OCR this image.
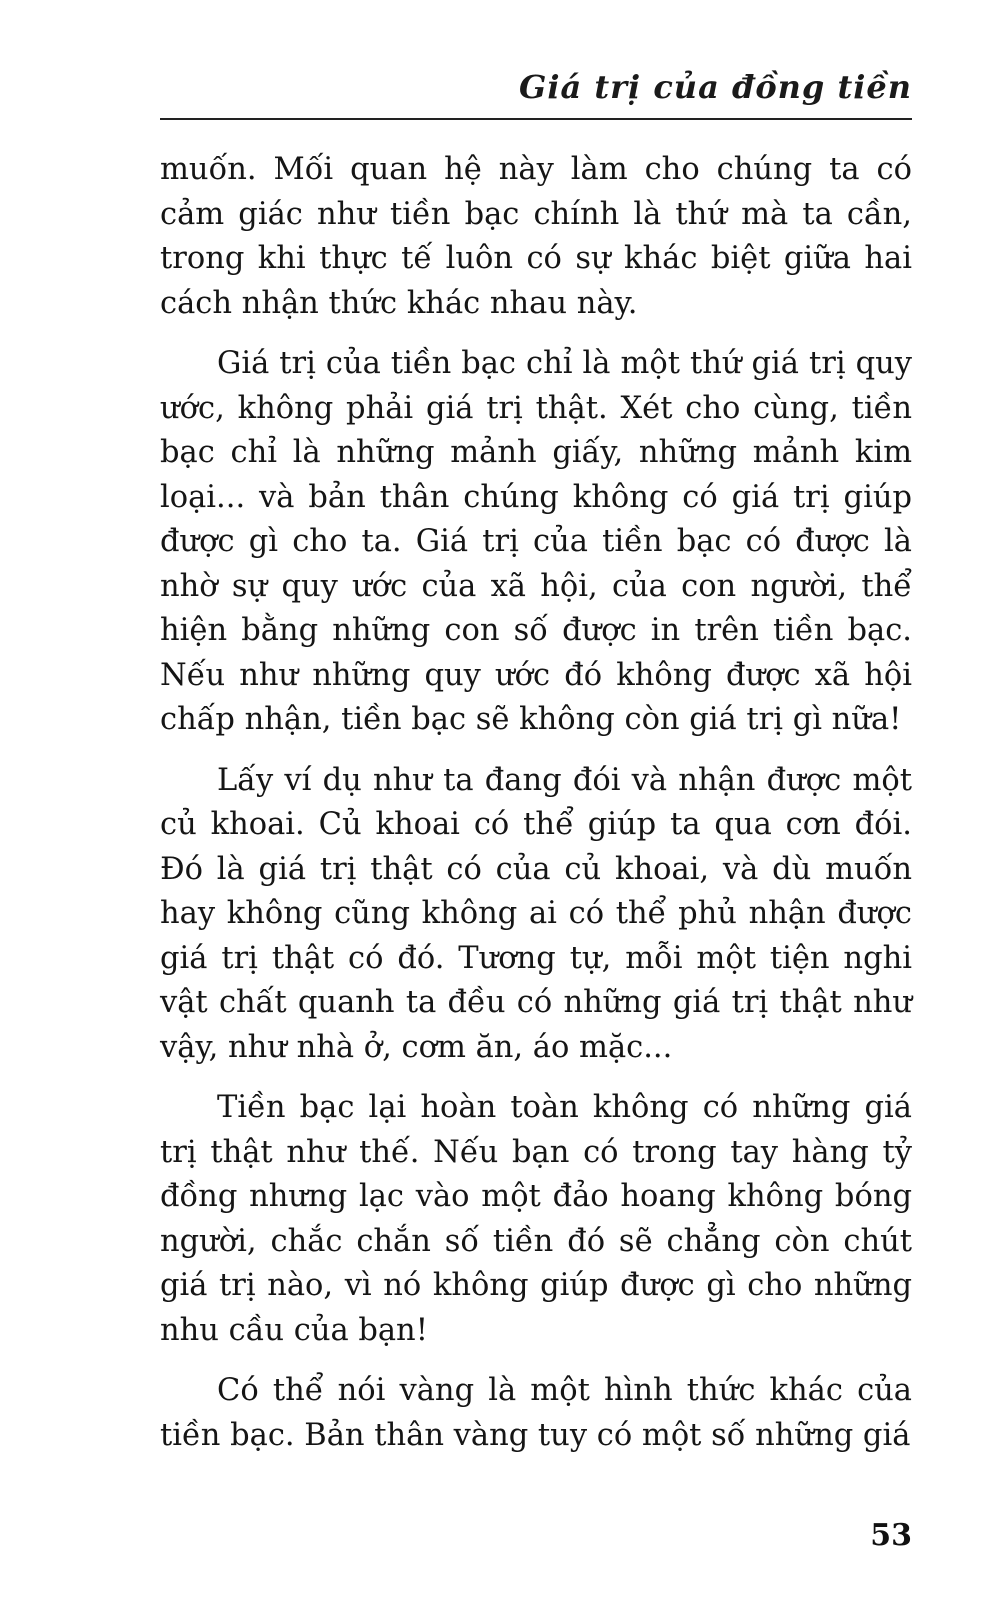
Giá trị của đồng tiền

muốn. Mối quan hệ này làm cho chúng ta có cảm giác như tiền bạc chính là thứ mà ta cần, trong khi thực tế luôn có sự khác biệt giữa hai cách nhận thức khác nhau này.

Giá trị của tiền bạc chỉ là một thứ giá trị quy ước, không phải giá trị thật. Xét cho cùng, tiền bạc chỉ là những mảnh giấy, những mảnh kim loại... và bản thân chúng không có giá trị giúp được gì cho ta. Giá trị của tiền bạc có được là nhờ sự quy ước của xã hội, của con người, thể hiện bằng những con số được in trên tiền bạc. Nếu như những quy ước đó không được xã hội chấp nhận, tiền bạc sẽ không còn giá trị gì nữa!

Lấy ví dụ như ta đang đói và nhận được một củ khoai. Củ khoai có thể giúp ta qua cơn đói. Đó là giá trị thật có của củ khoai, và dù muốn hay không cũng không ai có thể phủ nhận được giá trị thật có đó. Tương tự, mỗi một tiện nghi vật chất quanh ta đều có những giá trị thật như vậy, như nhà ở, cơm ăn, áo mặc...

Tiền bạc lại hoàn toàn không có những giá trị thật như thế. Nếu bạn có trong tay hàng tỷ đồng nhưng lạc vào một đảo hoang không bóng người, chắc chắn số tiền đó sẽ chẳng còn chút giá trị nào, vì nó không giúp được gì cho những nhu cầu của bạn!

Có thể nói vàng là một hình thức khác của tiền bạc. Bản thân vàng tuy có một số những giá

53
